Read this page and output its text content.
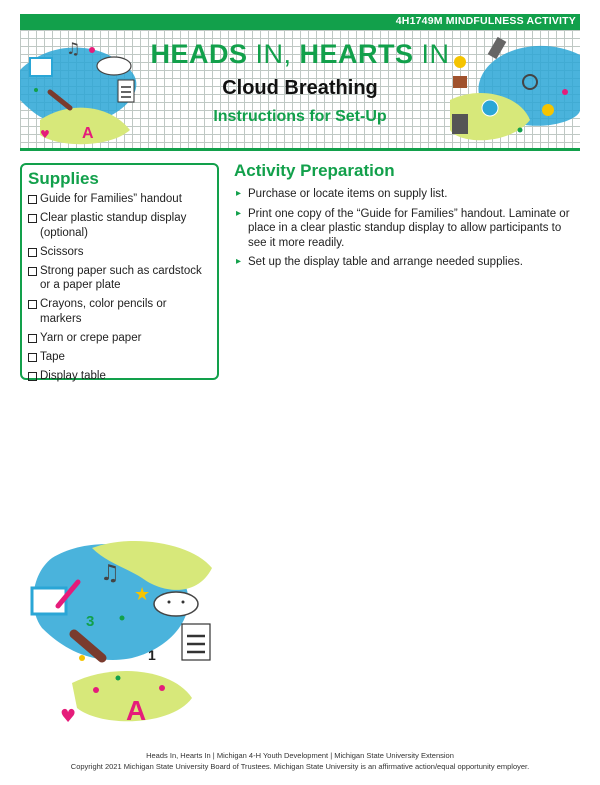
4H1749M MINDFULNESS ACTIVITY
♫
♥ A
HEADS IN, HEARTS IN
Cloud Breathing
Instructions for Set-Up
Supplies
Guide for Families” handout
Clear plastic standup display (optional)
Scissors
Strong paper such as cardstock or a paper plate
Crayons, color pencils or markers
Yarn or crepe paper
Tape
Display table
Activity Preparation
▸ Purchase or locate items on supply list.
▸ Print one copy of the “Guide for Families” handout. Laminate or place in a clear plastic standup display to allow participants to see it more readily.
▸ Set up the display table and arrange needed supplies.
♫
★
3
1
A
♥
Heads In, Hearts In | Michigan 4-H Youth Development | Michigan State University Extension
Copyright 2021 Michigan State University Board of Trustees. Michigan State University is an affirmative action/equal opportunity employer.
